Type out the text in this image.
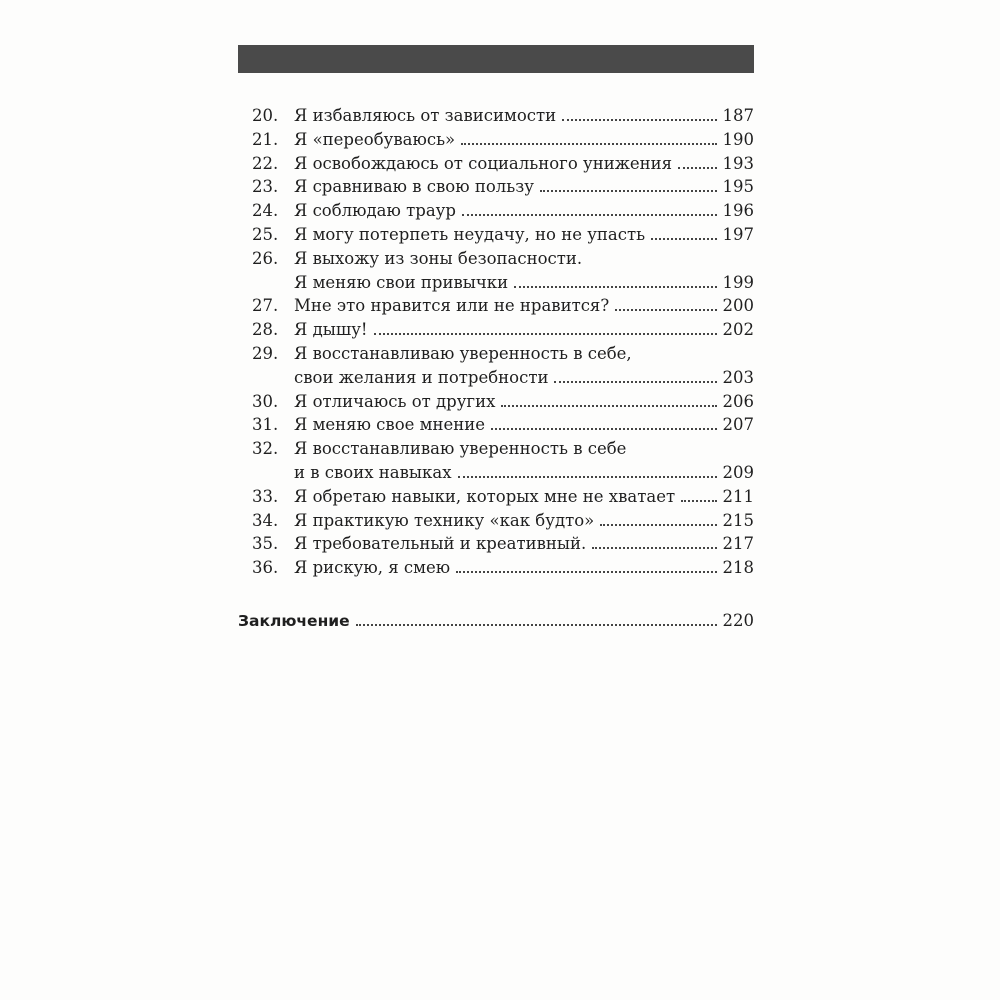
20. Я избавляюсь от зависимости	187
21. Я «переобуваюсь»	190
22. Я освобождаюсь от социального унижения	193
23. Я сравниваю в свою пользу	195
24. Я соблюдаю траур	196
25. Я могу потерпеть неудачу, но не упасть	197
26. Я выхожу из зоны безопасности.
Я меняю свои привычки	199
27. Мне это нравится или не нравится?	200
28. Я дышу!	202
29. Я восстанавливаю уверенность в себе,
свои желания и потребности	203
30. Я отличаюсь от других	206
31. Я меняю свое мнение	207
32. Я восстанавливаю уверенность в себе
и в своих навыках	209
33. Я обретаю навыки, которых мне не хватает	211
34. Я практикую технику «как будто»	215
35. Я требовательный и креативный.	217
36. Я рискую, я смею	218
Заключение	220
